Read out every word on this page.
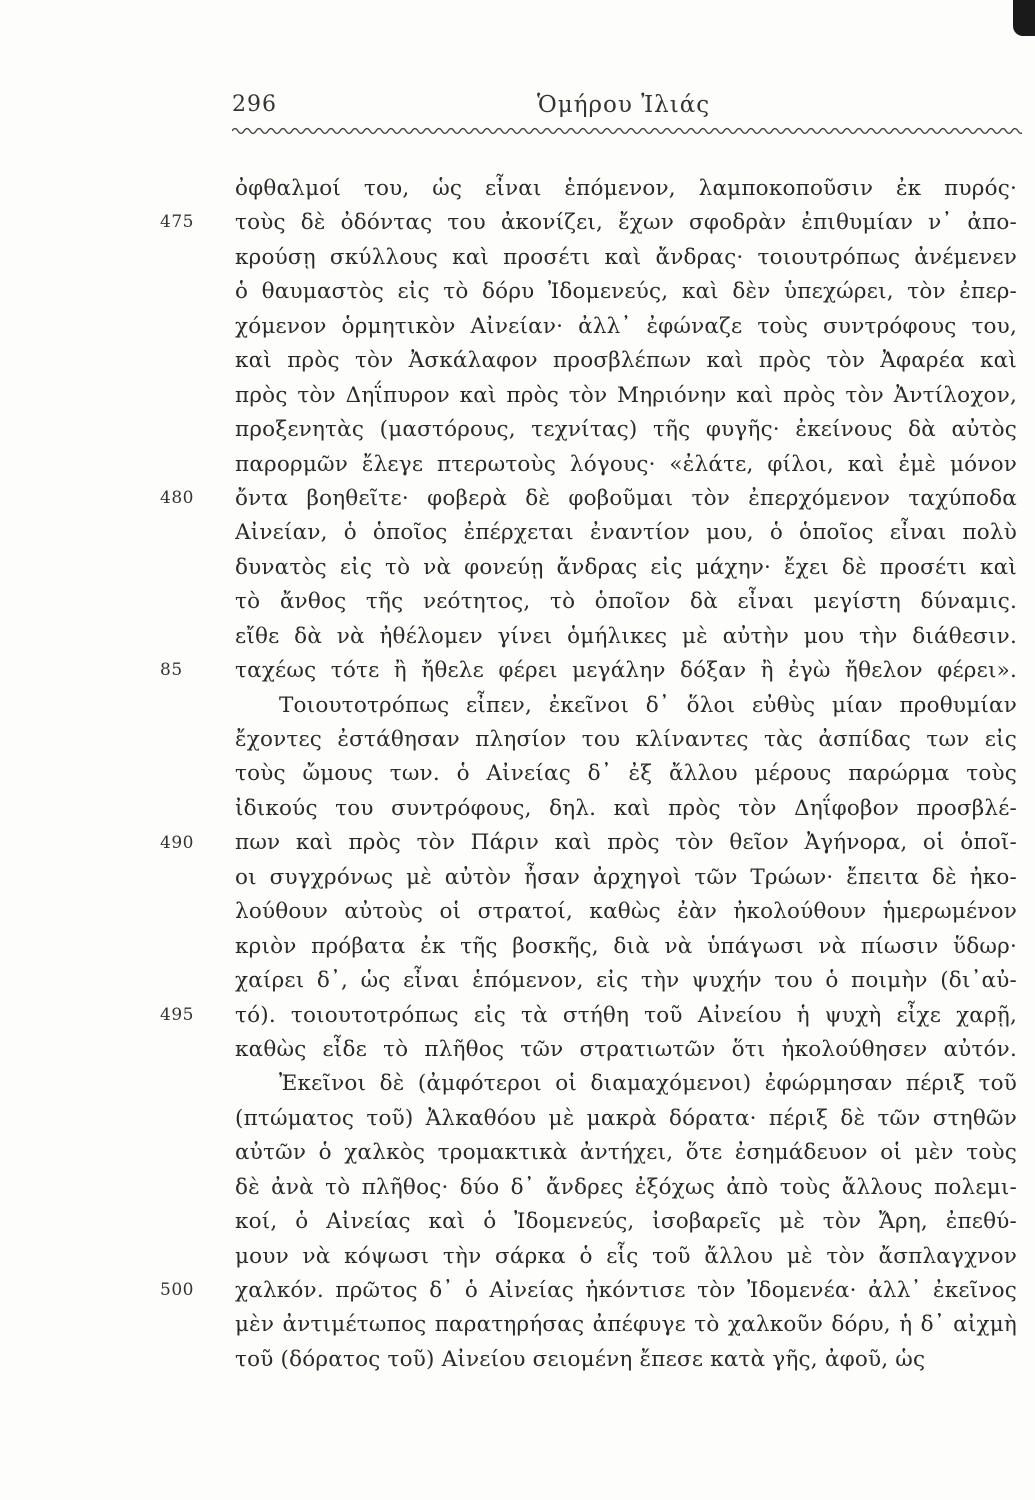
296	Ὁμήρου Ἰλιάς
475
480
85
490
495
500
ὀφθαλμοί του, ὡς εἶναι ἑπόμενον, λαμποκοποῦσιν ἐκ πυρός·
τοὺς δὲ ὀδόντας του ἀκονίζει, ἔχων σφοδρὰν ἐπιθυμίαν ν᾽ ἀπο-
κρούσῃ σκύλλους καὶ προσέτι καὶ ἄνδρας· τοιουτρόπως ἀνέμενεν
ὁ θαυμαστὸς εἰς τὸ δόρυ Ἰδομενεύς, καὶ δὲν ὑπεχώρει, τὸν ἐπερ-
χόμενον ὁρμητικὸν Αἰνείαν· ἀλλ᾽ ἐφώναζε τοὺς συντρόφους του,
καὶ πρὸς τὸν Ἀσκάλαφον προσβλέπων καὶ πρὸς τὸν Ἀφαρέα καὶ
πρὸς τὸν Δηΐπυρον καὶ πρὸς τὸν Μηριόνην καὶ πρὸς τὸν Ἀντίλοχον,
προξενητὰς (μαστόρους, τεχνίτας) τῆς φυγῆς· ἐκείνους δὰ αὐτὸς
παρορμῶν ἔλεγε πτερωτοὺς λόγους· «ἐλάτε, φίλοι, καὶ ἐμὲ μόνον
ὄντα βοηθεῖτε· φοβερὰ δὲ φοβοῦμαι τὸν ἐπερχόμενον ταχύποδα
Αἰνείαν, ὁ ὁποῖος ἐπέρχεται ἐναντίον μου, ὁ ὁποῖος εἶναι πολὺ
δυνατὸς εἰς τὸ νὰ φονεύῃ ἄνδρας εἰς μάχην· ἔχει δὲ προσέτι καὶ
τὸ ἄνθος τῆς νεότητος, τὸ ὁποῖον δὰ εἶναι μεγίστη δύναμις.
εἴθε δὰ νὰ ἠθέλομεν γίνει ὁμήλικες μὲ αὐτὴν μου τὴν διάθεσιν.
ταχέως τότε ἢ ἤθελε φέρει μεγάλην δόξαν ἢ ἐγὼ ἤθελον φέρει».
Τοιουτοτρόπως εἶπεν, ἐκεῖνοι δ᾽ ὅλοι εὐθὺς μίαν προθυμίαν
ἔχοντες ἐστάθησαν πλησίον του κλίναντες τὰς ἀσπίδας των εἰς
τοὺς ὤμους των. ὁ Αἰνείας δ᾽ ἐξ ἄλλου μέρους παρώρμα τοὺς
ἰδικούς του συντρόφους, δηλ. καὶ πρὸς τὸν Δηΐφοβον προσβλέ-
πων καὶ πρὸς τὸν Πάριν καὶ πρὸς τὸν θεῖον Ἀγήνορα, οἱ ὁποῖ-
οι συγχρόνως μὲ αὐτὸν ἦσαν ἀρχηγοὶ τῶν Τρώων· ἔπειτα δὲ ἠκο-
λούθουν αὐτοὺς οἱ στρατοί, καθὼς ἐὰν ἠκολούθουν ἡμερωμένον
κριὸν πρόβατα ἐκ τῆς βοσκῆς, διὰ νὰ ὑπάγωσι νὰ πίωσιν ὕδωρ·
χαίρει δ᾽, ὡς εἶναι ἑπόμενον, εἰς τὴν ψυχήν του ὁ ποιμὴν (δι᾽αὐ-
τό). τοιουτοτρόπως εἰς τὰ στήθη τοῦ Αἰνείου ἡ ψυχὴ εἶχε χαρῇ,
καθὼς εἶδε τὸ πλῆθος τῶν στρατιωτῶν ὅτι ἠκολούθησεν αὐτόν.
Ἐκεῖνοι δὲ (ἀμφότεροι οἱ διαμαχόμενοι) ἐφώρμησαν πέριξ τοῦ
(πτώματος τοῦ) Ἀλκαθόου μὲ μακρὰ δόρατα· πέριξ δὲ τῶν στηθῶν
αὐτῶν ὁ χαλκὸς τρομακτικὰ ἀντήχει, ὅτε ἐσημάδευον οἱ μὲν τοὺς
δὲ ἀνὰ τὸ πλῆθος· δύο δ᾽ ἄνδρες ἐξόχως ἀπὸ τοὺς ἄλλους πολεμι-
κοί, ὁ Αἰνείας καὶ ὁ Ἰδομενεύς, ἰσοβαρεῖς μὲ τὸν Ἄρη, ἐπεθύ-
μουν νὰ κόψωσι τὴν σάρκα ὁ εἷς τοῦ ἄλλου μὲ τὸν ἄσπλαγχνον
χαλκόν. πρῶτος δ᾽ ὁ Αἰνείας ἠκόντισε τὸν Ἰδομενέα· ἀλλ᾽ ἐκεῖνος
μὲν ἀντιμέτωπος παρατηρήσας ἀπέφυγε τὸ χαλκοῦν δόρυ, ἡ δ᾽ αἰχμὴ
τοῦ (δόρατος τοῦ) Αἰνείου σειομένη ἔπεσε κατὰ γῆς, ἀφοῦ, ὡς
